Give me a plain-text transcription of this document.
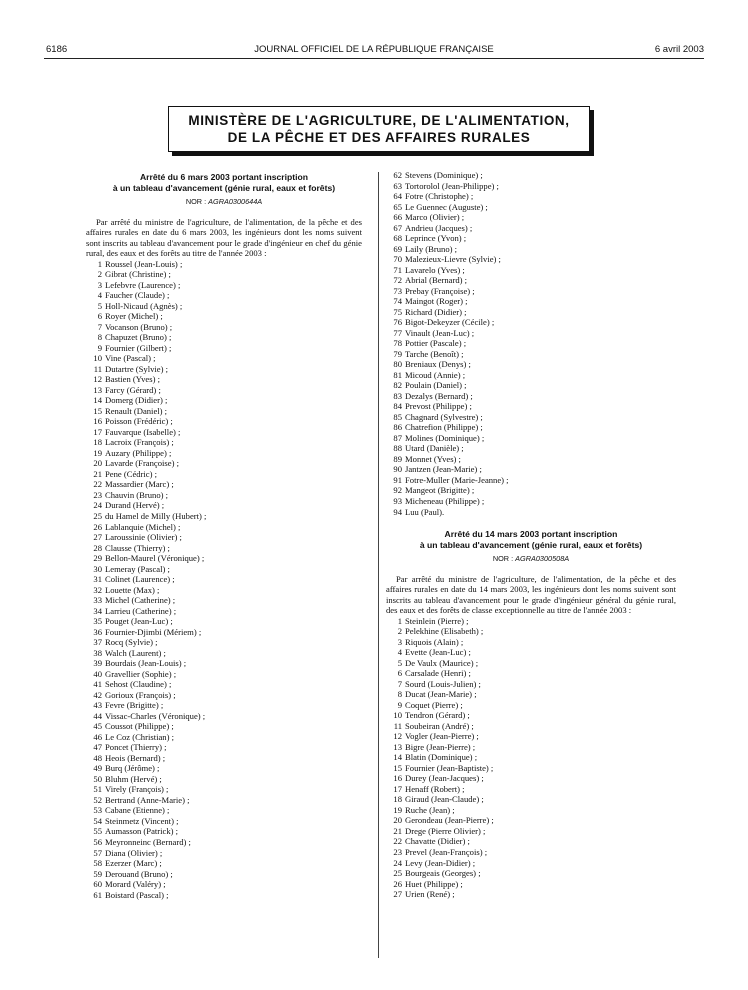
6186	JOURNAL OFFICIEL DE LA RÉPUBLIQUE FRANÇAISE	6 avril 2003
MINISTÈRE DE L'AGRICULTURE, DE L'ALIMENTATION,
DE LA PÊCHE ET DES AFFAIRES RURALES
Arrêté du 6 mars 2003 portant inscription
à un tableau d'avancement (génie rural, eaux et forêts)
NOR : AGRA0300644A
Par arrêté du ministre de l'agriculture, de l'alimentation, de la pêche et des affaires rurales en date du 6 mars 2003, les ingénieurs dont les noms suivent sont inscrits au tableau d'avancement pour le grade d'ingénieur en chef du génie rural, des eaux et des forêts au titre de l'année 2003 :
1 Roussel (Jean-Louis) ;
2 Gibrat (Christine) ;
3 Lefebvre (Laurence) ;
4 Faucher (Claude) ;
5 Holl-Nicaud (Agnès) ;
6 Royer (Michel) ;
7 Vocanson (Bruno) ;
8 Chapuzet (Bruno) ;
9 Fournier (Gilbert) ;
10 Vine (Pascal) ;
11 Dutartre (Sylvie) ;
12 Bastien (Yves) ;
13 Farcy (Gérard) ;
14 Domerg (Didier) ;
15 Renault (Daniel) ;
16 Poisson (Frédéric) ;
17 Fauvarque (Isabelle) ;
18 Lacroix (François) ;
19 Auzary (Philippe) ;
20 Lavarde (Françoise) ;
21 Pene (Cédric) ;
22 Massardier (Marc) ;
23 Chauvin (Bruno) ;
24 Durand (Hervé) ;
25 du Hamel de Milly (Hubert) ;
26 Lablanquie (Michel) ;
27 Laroussinie (Olivier) ;
28 Clausse (Thierry) ;
29 Bellon-Maurel (Véronique) ;
30 Lemeray (Pascal) ;
31 Colinet (Laurence) ;
32 Louette (Max) ;
33 Michel (Catherine) ;
34 Larrieu (Catherine) ;
35 Pouget (Jean-Luc) ;
36 Fournier-Djimbi (Mériem) ;
37 Rocq (Sylvie) ;
38 Walch (Laurent) ;
39 Bourdais (Jean-Louis) ;
40 Gravellier (Sophie) ;
41 Sehost (Claudine) ;
42 Gorioux (François) ;
43 Fevre (Brigitte) ;
44 Vissac-Charles (Véronique) ;
45 Coussot (Philippe) ;
46 Le Coz (Christian) ;
47 Poncet (Thierry) ;
48 Heois (Bernard) ;
49 Burq (Jérôme) ;
50 Bluhm (Hervé) ;
51 Virely (François) ;
52 Bertrand (Anne-Marie) ;
53 Cabane (Etienne) ;
54 Steinmetz (Vincent) ;
55 Aumasson (Patrick) ;
56 Meyronneinc (Bernard) ;
57 Diana (Olivier) ;
58 Ezerzer (Marc) ;
59 Derouand (Bruno) ;
60 Morard (Valéry) ;
61 Boistard (Pascal) ;
62 Stevens (Dominique) ;
63 Tortorolol (Jean-Philippe) ;
64 Fotre (Christophe) ;
65 Le Guennec (Auguste) ;
66 Marco (Olivier) ;
67 Andrieu (Jacques) ;
68 Leprince (Yvon) ;
69 Laily (Bruno) ;
70 Malezieux-Lievre (Sylvie) ;
71 Lavarelo (Yves) ;
72 Abrial (Bernard) ;
73 Prebay (Françoise) ;
74 Maingot (Roger) ;
75 Richard (Didier) ;
76 Bigot-Dekeyzer (Cécile) ;
77 Vinault (Jean-Luc) ;
78 Pottier (Pascale) ;
79 Tarche (Benoît) ;
80 Breniaux (Denys) ;
81 Micoud (Annie) ;
82 Poulain (Daniel) ;
83 Dezalys (Bernard) ;
84 Prevost (Philippe) ;
85 Chagnard (Sylvestre) ;
86 Chatrefion (Philippe) ;
87 Molines (Dominique) ;
88 Utard (Danièle) ;
89 Monnet (Yves) ;
90 Jantzen (Jean-Marie) ;
91 Fotre-Muller (Marie-Jeanne) ;
92 Mangeot (Brigitte) ;
93 Micheneau (Philippe) ;
94 Luu (Paul).
Arrêté du 14 mars 2003 portant inscription
à un tableau d'avancement (génie rural, eaux et forêts)
NOR : AGRA0300508A
Par arrêté du ministre de l'agriculture, de l'alimentation, de la pêche et des affaires rurales en date du 14 mars 2003, les ingénieurs dont les noms suivent sont inscrits au tableau d'avancement pour le grade d'ingénieur général du génie rural, des eaux et des forêts de classe exceptionnelle au titre de l'année 2003 :
1 Steinlein (Pierre) ;
2 Pelekhine (Elisabeth) ;
3 Riquois (Alain) ;
4 Evette (Jean-Luc) ;
5 De Vaulx (Maurice) ;
6 Carsalade (Henri) ;
7 Sourd (Louis-Julien) ;
8 Ducat (Jean-Marie) ;
9 Coquet (Pierre) ;
10 Tendron (Gérard) ;
11 Soubeiran (André) ;
12 Vogler (Jean-Pierre) ;
13 Bigre (Jean-Pierre) ;
14 Blatin (Dominique) ;
15 Fournier (Jean-Baptiste) ;
16 Durey (Jean-Jacques) ;
17 Henaff (Robert) ;
18 Giraud (Jean-Claude) ;
19 Ruche (Jean) ;
20 Gerondeau (Jean-Pierre) ;
21 Drege (Pierre Olivier) ;
22 Chavatte (Didier) ;
23 Prevel (Jean-François) ;
24 Levy (Jean-Didier) ;
25 Bourgeais (Georges) ;
26 Huet (Philippe) ;
27 Urien (René) ;
